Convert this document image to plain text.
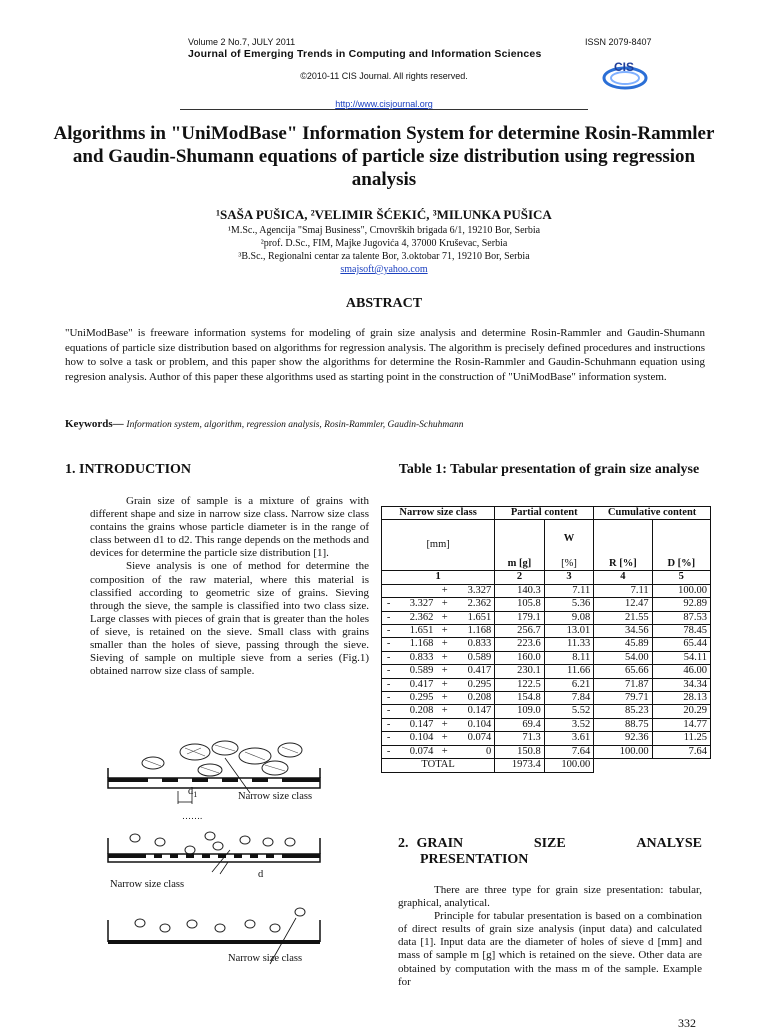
Volume 2 No.7, JULY 2011	ISSN 2079-8407
Journal of Emerging Trends in Computing and Information Sciences
©2010-11 CIS Journal. All rights reserved.
CIS
http://www.cisjournal.org
Algorithms in "UniModBase" Information System for determine Rosin-Rammler and Gaudin-Shumann equations of particle size distribution using regression analysis
¹SAŠA PUŠICA, ²VELIMIR ŠĆEKIĆ, ³MILUNKA PUŠICA
¹M.Sc., Agencija "Smaj Business", Crnovrških brigada 6/1, 19210 Bor, Serbia
²prof. D.Sc., FIM, Majke Jugovića 4, 37000 Kruševac, Serbia
³B.Sc., Regionalni centar za talente Bor, 3.oktobar 71, 19210 Bor, Serbia
smajsoft@yahoo.com
ABSTRACT
"UniModBase" is freeware information systems for modeling of grain size analysis and determine Rosin-Rammler and Gaudin-Shumann equations of particle size distribution based on algorithms for regression analysis. The algorithm is precisely defined procedures and instructions how to solve a task or problem, and this paper show the algorithms for determine the Rosin-Rammler and Gaudin-Schuhmann equation using regresion analysis. Author of this paper these algorithms used as starting point in the construction of "UniModBase" information system.
Keywords— Information system, algorithm, regression analysis, Rosin-Rammler, Gaudin-Schuhmann
1. INTRODUCTION

Grain size of sample is a mixture of grains with different shape and size in narrow size class. Narrow size class contains the grains whose particle diameter is in the range of class between d1 to d2. This range depends on the methods and devices for determine the particle size distribution [1].

Sieve analysis is one of method for determine the composition of the raw material, where this material is classified according to geometric size of grains. Sieving through the sieve, the sample is classified into two class size. Large classes with pieces of grain that is greater than the holes of sieve, is retained on the sieve. Small class with grains smaller than the holes of sieve, passing through the sieve. Sieving of sample on multiple sieve from a series (Fig.1) obtained narrow size class of sample.

$d_1$	Narrow size class
…….
Narrow size class
d
Narrow size class
Table 1: Tabular presentation of grain size analyse
Narrow size class				Partial content		Cumulative content	
[mm]							
				m [g]	W	R [%]	D [%]
					[%]		
1				2	3	4	5
		+	3.327	140.3	7.11	7.11	100.00
-	3.327	+	2.362	105.8	5.36	12.47	92.89
-	2.362	+	1.651	179.1	9.08	21.55	87.53
-	1.651	+	1.168	256.7	13.01	34.56	78.45
-	1.168	+	0.833	223.6	11.33	45.89	65.44
-	0.833	+	0.589	160.0	8.11	54.00	54.11
-	0.589	+	0.417	230.1	11.66	65.66	46.00
-	0.417	+	0.295	122.5	6.21	71.87	34.34
-	0.295	+	0.208	154.8	7.84	79.71	28.13
-	0.208	+	0.147	109.0	5.52	85.23	20.29
-	0.147	+	0.104	69.4	3.52	88.75	14.77
-	0.104	+	0.074	71.3	3.61	92.36	11.25
-	0.074	+	0	150.8	7.64	100.00	7.64
TOTAL				1973.4	100.00		
2. GRAIN	SIZE	ANALYSE
PRESENTATION

There are three type for grain size presentation: tabular, graphical, analytical.

Principle for tabular presentation is based on a combination of direct results of grain size analysis (input data) and calculated data [1]. Input data are the diameter of holes of sieve d [mm] and mass of sample m [g] which is retained on the sieve. Other data are obtained by computation with the mass m of the sample. Example for

332
